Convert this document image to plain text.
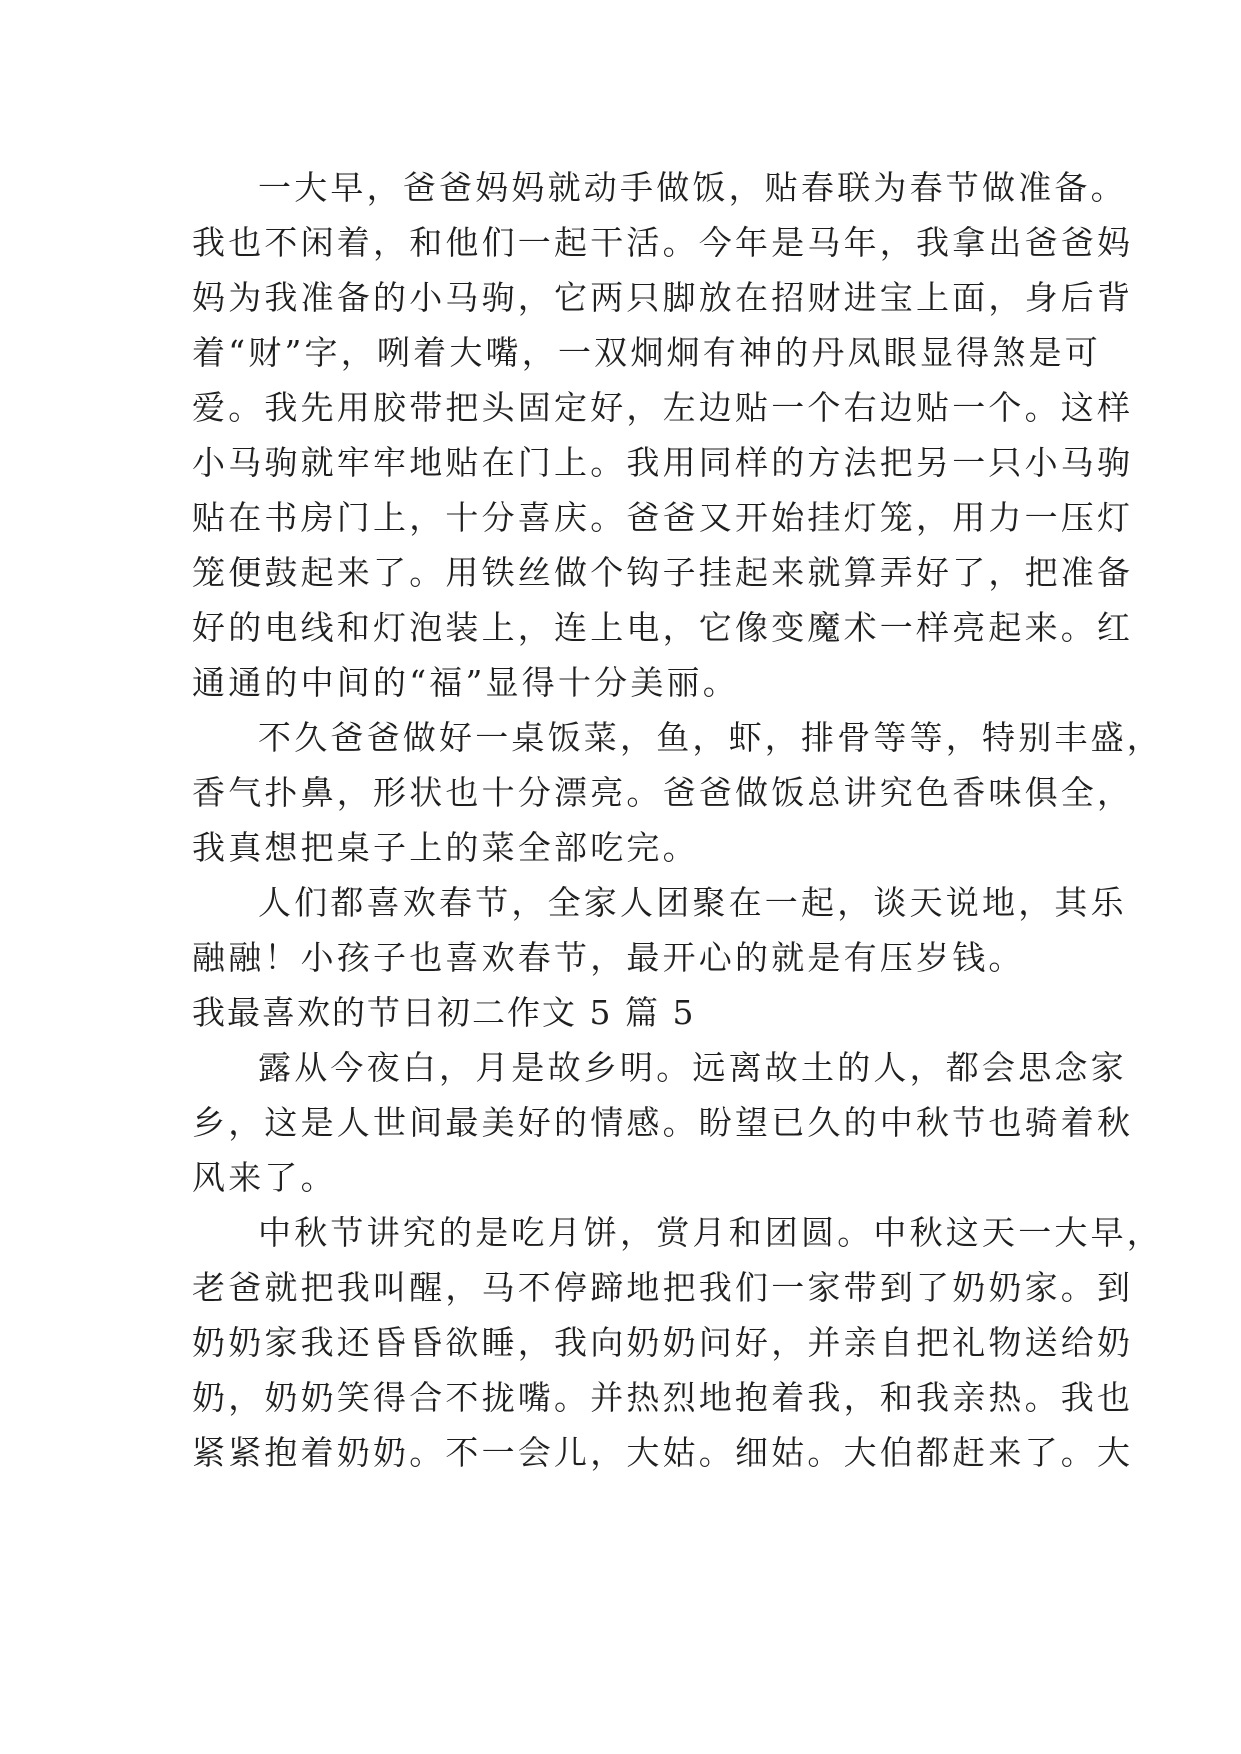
一大早，爸爸妈妈就动手做饭，贴春联为春节做准备。
我也不闲着，和他们一起干活。今年是马年，我拿出爸爸妈
妈为我准备的小马驹，它两只脚放在招财进宝上面，身后背
着“财”字，咧着大嘴，一双炯炯有神的丹凤眼显得煞是可
爱。我先用胶带把头固定好，左边贴一个右边贴一个。这样
小马驹就牢牢地贴在门上。我用同样的方法把另一只小马驹
贴在书房门上，十分喜庆。爸爸又开始挂灯笼，用力一压灯
笼便鼓起来了。用铁丝做个钩子挂起来就算弄好了，把准备
好的电线和灯泡装上，连上电，它像变魔术一样亮起来。红
通通的中间的“福”显得十分美丽。
不久爸爸做好一桌饭菜，鱼，虾，排骨等等，特别丰盛，
香气扑鼻，形状也十分漂亮。爸爸做饭总讲究色香味俱全，
我真想把桌子上的菜全部吃完。
人们都喜欢春节，全家人团聚在一起，谈天说地，其乐
融融！小孩子也喜欢春节，最开心的就是有压岁钱。
我最喜欢的节日初二作文 5 篇 5
露从今夜白，月是故乡明。远离故土的人，都会思念家
乡，这是人世间最美好的情感。盼望已久的中秋节也骑着秋
风来了。
中秋节讲究的是吃月饼，赏月和团圆。中秋这天一大早，
老爸就把我叫醒，马不停蹄地把我们一家带到了奶奶家。到
奶奶家我还昏昏欲睡，我向奶奶问好，并亲自把礼物送给奶
奶，奶奶笑得合不拢嘴。并热烈地抱着我，和我亲热。我也
紧紧抱着奶奶。不一会儿，大姑。细姑。大伯都赶来了。大
